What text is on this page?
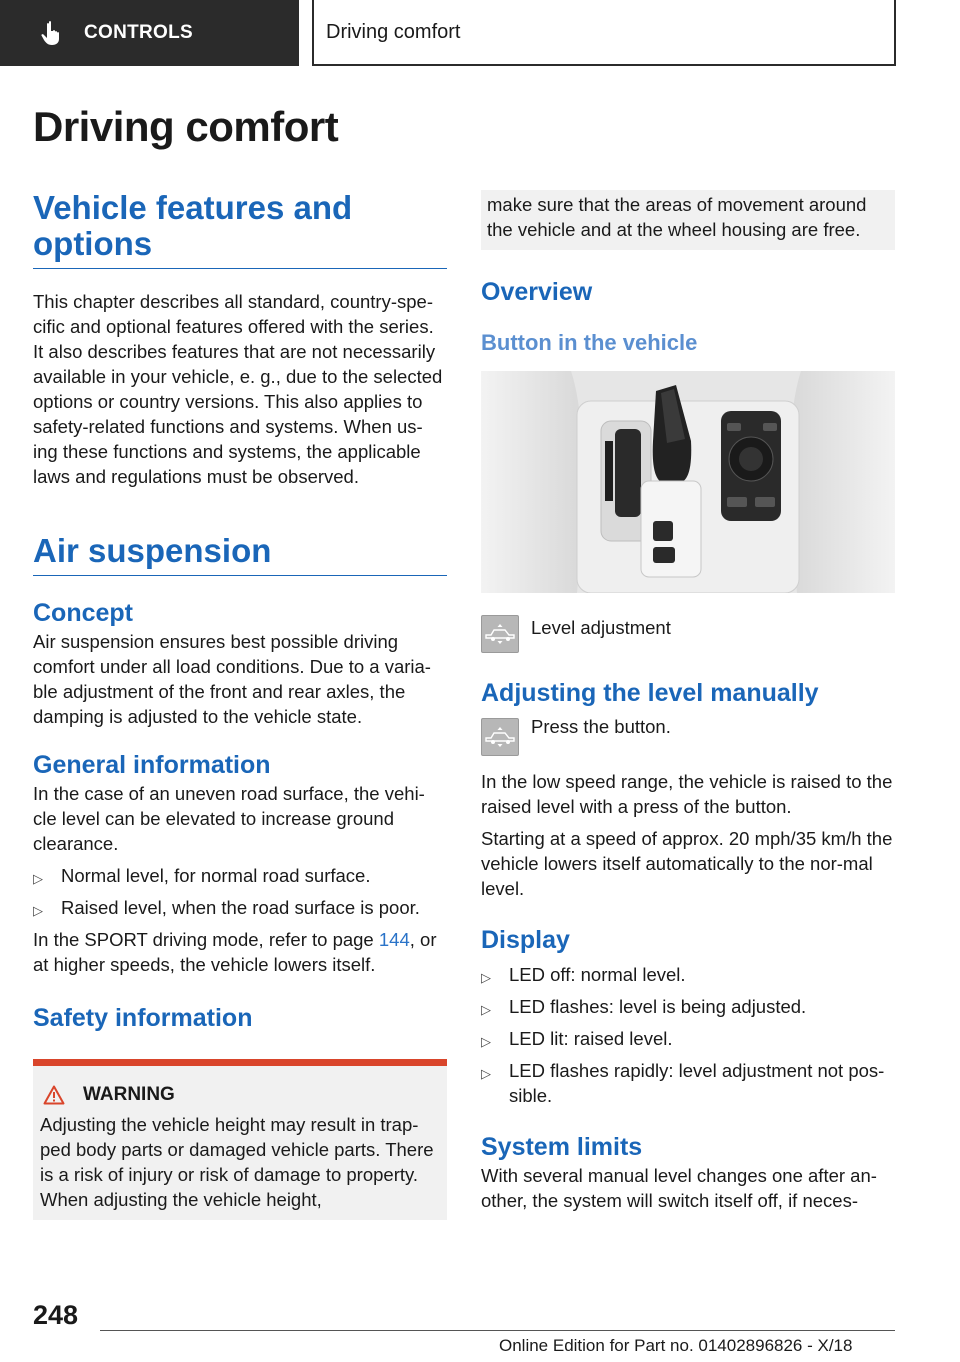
CONTROLS	Driving comfort
Driving comfort
Vehicle features and options

This chapter describes all standard, country-spe-cific and optional features offered with the series. It also describes features that are not necessarily available in your vehicle, e. g., due to the selected options or country versions. This also applies to safety-related functions and systems. When us-ing these functions and systems, the applicable laws and regulations must be observed.

Air suspension
Concept

Air suspension ensures best possible driving comfort under all load conditions. Due to a varia-ble adjustment of the front and rear axles, the damping is adjusted to the vehicle state.

General information

In the case of an uneven road surface, the vehi-cle level can be elevated to increase ground clearance.

▷ Normal level, for normal road surface.
▷ Raised level, when the road surface is poor.

In the SPORT driving mode, refer to page 144, or at higher speeds, the vehicle lowers itself.

Safety information
WARNING

Adjusting the vehicle height may result in trap-ped body parts or damaged vehicle parts. There is a risk of injury or risk of damage to property. When adjusting the vehicle height,

make sure that the areas of movement around the vehicle and at the wheel housing are free.

Overview
Button in the vehicle

Level adjustment

Adjusting the level manually

Press the button.

In the low speed range, the vehicle is raised to the raised level with a press of the button.

Starting at a speed of approx. 20 mph/35 km/h the vehicle lowers itself automatically to the nor-mal level.

Display
▷ LED off: normal level.
▷ LED flashes: level is being adjusted.
▷ LED lit: raised level.
▷ LED flashes rapidly: level adjustment not pos-sible.
System limits

With several manual level changes one after an-other, the system will switch itself off, if neces-

248
Online Edition for Part no. 01402896826 - X/18
